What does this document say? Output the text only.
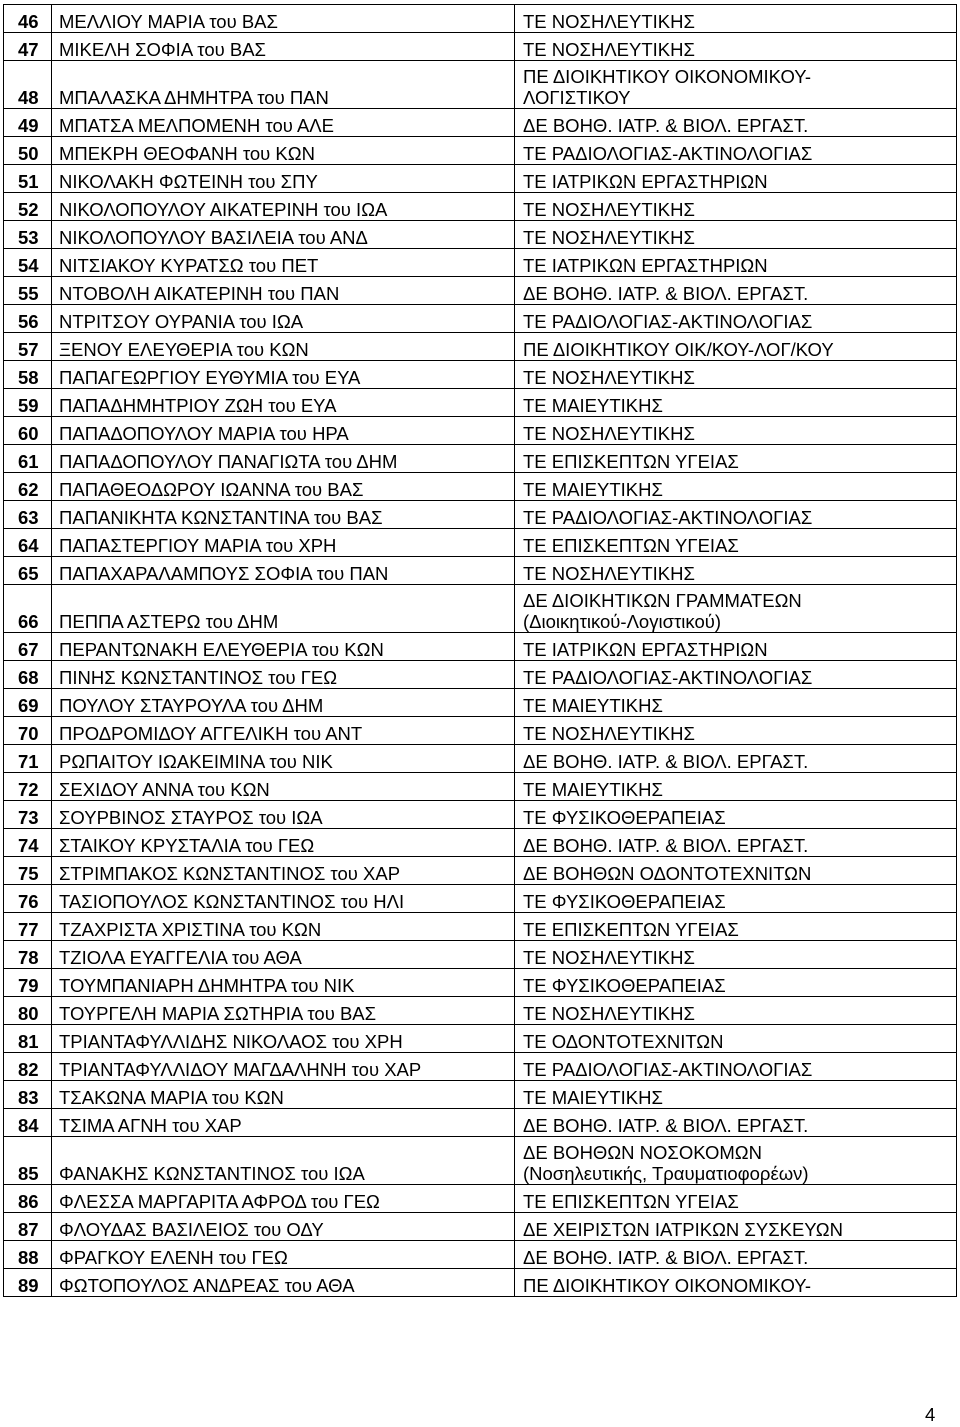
46	ΜΕΛΛΙΟΥ ΜΑΡΙΑ του ΒΑΣ	ΤΕ ΝΟΣΗΛΕΥΤΙΚΗΣ

47	ΜΙΚΕΛΗ ΣΟΦΙΑ του ΒΑΣ	ΤΕ ΝΟΣΗΛΕΥΤΙΚΗΣ

48	ΜΠΑΛΑΣΚΑ ΔΗΜΗΤΡΑ του ΠΑΝ	ΠΕ ΔΙΟΙΚΗΤΙΚΟΥ ΟΙΚΟΝΟΜΙΚΟΥ-
ΛΟΓΙΣΤΙΚΟΥ

49	ΜΠΑΤΣΑ ΜΕΛΠΟΜΕΝΗ του ΑΛΕ	ΔΕ ΒΟΗΘ. ΙΑΤΡ. & ΒΙΟΛ. ΕΡΓΑΣΤ.

50	ΜΠΕΚΡΗ ΘΕΟΦΑΝΗ του ΚΩΝ	ΤΕ ΡΑΔΙΟΛΟΓΙΑΣ-ΑΚΤΙΝΟΛΟΓΙΑΣ

51	ΝΙΚΟΛΑΚΗ ΦΩΤΕΙΝΗ του ΣΠΥ	ΤΕ ΙΑΤΡΙΚΩΝ ΕΡΓΑΣΤΗΡΙΩΝ

52	ΝΙΚΟΛΟΠΟΥΛΟΥ ΑΙΚΑΤΕΡΙΝΗ του ΙΩΑ	ΤΕ ΝΟΣΗΛΕΥΤΙΚΗΣ

53	ΝΙΚΟΛΟΠΟΥΛΟΥ ΒΑΣΙΛΕΙΑ του ΑΝΔ	ΤΕ ΝΟΣΗΛΕΥΤΙΚΗΣ

54	ΝΙΤΣΙΑΚΟΥ ΚΥΡΑΤΣΩ του ΠΕΤ	ΤΕ ΙΑΤΡΙΚΩΝ ΕΡΓΑΣΤΗΡΙΩΝ

55	ΝΤΟΒΟΛΗ ΑΙΚΑΤΕΡΙΝΗ του ΠΑΝ	ΔΕ ΒΟΗΘ. ΙΑΤΡ. & ΒΙΟΛ. ΕΡΓΑΣΤ.

56	ΝΤΡΙΤΣΟΥ ΟΥΡΑΝΙΑ του ΙΩΑ	ΤΕ ΡΑΔΙΟΛΟΓΙΑΣ-ΑΚΤΙΝΟΛΟΓΙΑΣ

57	ΞΕΝΟΥ ΕΛΕΥΘΕΡΙΑ του ΚΩΝ	ΠΕ ΔΙΟΙΚΗΤΙΚΟΥ ΟΙΚ/ΚΟΥ-ΛΟΓ/ΚΟΥ

58	ΠΑΠΑΓΕΩΡΓΙΟΥ ΕΥΘΥΜΙΑ του ΕΥΑ	ΤΕ ΝΟΣΗΛΕΥΤΙΚΗΣ

59	ΠΑΠΑΔΗΜΗΤΡΙΟΥ ΖΩΗ του ΕΥΑ	ΤΕ ΜΑΙΕΥΤΙΚΗΣ

60	ΠΑΠΑΔΟΠΟΥΛΟΥ ΜΑΡΙΑ του ΗΡΑ	ΤΕ ΝΟΣΗΛΕΥΤΙΚΗΣ

61	ΠΑΠΑΔΟΠΟΥΛΟΥ ΠΑΝΑΓΙΩΤΑ του ΔΗΜ	ΤΕ ΕΠΙΣΚΕΠΤΩΝ ΥΓΕΙΑΣ

62	ΠΑΠΑΘΕΟΔΩΡΟΥ ΙΩΑΝΝΑ του ΒΑΣ	ΤΕ ΜΑΙΕΥΤΙΚΗΣ

63	ΠΑΠΑΝΙΚΗΤΑ ΚΩΝΣΤΑΝΤΙΝΑ του ΒΑΣ	ΤΕ ΡΑΔΙΟΛΟΓΙΑΣ-ΑΚΤΙΝΟΛΟΓΙΑΣ

64	ΠΑΠΑΣΤΕΡΓΙΟΥ ΜΑΡΙΑ του ΧΡΗ	ΤΕ ΕΠΙΣΚΕΠΤΩΝ ΥΓΕΙΑΣ

65	ΠΑΠΑΧΑΡΑΛΑΜΠΟΥΣ ΣΟΦΙΑ του ΠΑΝ	ΤΕ ΝΟΣΗΛΕΥΤΙΚΗΣ

66	ΠΕΠΠΑ ΑΣΤΕΡΩ του ΔΗΜ	ΔΕ ΔΙΟΙΚΗΤΙΚΩΝ ΓΡΑΜΜΑΤΕΩΝ
(Διοικητικού-Λογιστικού)

67	ΠΕΡΑΝΤΩΝΑΚΗ ΕΛΕΥΘΕΡΙΑ του ΚΩΝ	ΤΕ ΙΑΤΡΙΚΩΝ ΕΡΓΑΣΤΗΡΙΩΝ

68	ΠΙΝΗΣ ΚΩΝΣΤΑΝΤΙΝΟΣ του ΓΕΩ	ΤΕ ΡΑΔΙΟΛΟΓΙΑΣ-ΑΚΤΙΝΟΛΟΓΙΑΣ

69	ΠΟΥΛΟΥ ΣΤΑΥΡΟΥΛΑ του ΔΗΜ	ΤΕ ΜΑΙΕΥΤΙΚΗΣ

70	ΠΡΟΔΡΟΜΙΔΟΥ ΑΓΓΕΛΙΚΗ του ΑΝΤ	ΤΕ ΝΟΣΗΛΕΥΤΙΚΗΣ

71	ΡΩΠΑΙΤΟΥ ΙΩΑΚΕΙΜΙΝΑ του ΝΙΚ	ΔΕ ΒΟΗΘ. ΙΑΤΡ. & ΒΙΟΛ. ΕΡΓΑΣΤ.

72	ΣΕΧΙΔΟΥ ΑΝΝΑ του ΚΩΝ	ΤΕ ΜΑΙΕΥΤΙΚΗΣ

73	ΣΟΥΡΒΙΝΟΣ ΣΤΑΥΡΟΣ του ΙΩΑ	ΤΕ ΦΥΣΙΚΟΘΕΡΑΠΕΙΑΣ

74	ΣΤΑΙΚΟΥ ΚΡΥΣΤΑΛΙΑ του ΓΕΩ	ΔΕ ΒΟΗΘ. ΙΑΤΡ. & ΒΙΟΛ. ΕΡΓΑΣΤ.

75	ΣΤΡΙΜΠΑΚΟΣ ΚΩΝΣΤΑΝΤΙΝΟΣ του ΧΑΡ	ΔΕ ΒΟΗΘΩΝ ΟΔΟΝΤΟΤΕΧΝΙΤΩΝ

76	ΤΑΣΙΟΠΟΥΛΟΣ ΚΩΝΣΤΑΝΤΙΝΟΣ του ΗΛΙ	ΤΕ ΦΥΣΙΚΟΘΕΡΑΠΕΙΑΣ

77	ΤΖΑΧΡΙΣΤΑ ΧΡΙΣΤΙΝΑ του ΚΩΝ	ΤΕ ΕΠΙΣΚΕΠΤΩΝ ΥΓΕΙΑΣ

78	ΤΖΙΟΛΑ ΕΥΑΓΓΕΛΙΑ του ΑΘΑ	ΤΕ ΝΟΣΗΛΕΥΤΙΚΗΣ

79	ΤΟΥΜΠΑΝΙΑΡΗ ΔΗΜΗΤΡΑ του ΝΙΚ	ΤΕ ΦΥΣΙΚΟΘΕΡΑΠΕΙΑΣ

80	ΤΟΥΡΓΕΛΗ ΜΑΡΙΑ ΣΩΤΗΡΙΑ του ΒΑΣ	ΤΕ ΝΟΣΗΛΕΥΤΙΚΗΣ

81	ΤΡΙΑΝΤΑΦΥΛΛΙΔΗΣ ΝΙΚΟΛΑΟΣ του ΧΡΗ	ΤΕ ΟΔΟΝΤΟΤΕΧΝΙΤΩΝ

82	ΤΡΙΑΝΤΑΦΥΛΛΙΔΟΥ ΜΑΓΔΑΛΗΝΗ του ΧΑΡ	ΤΕ ΡΑΔΙΟΛΟΓΙΑΣ-ΑΚΤΙΝΟΛΟΓΙΑΣ

83	ΤΣΑΚΩΝΑ ΜΑΡΙΑ του ΚΩΝ	ΤΕ ΜΑΙΕΥΤΙΚΗΣ

84	ΤΣΙΜΑ ΑΓΝΗ του ΧΑΡ	ΔΕ ΒΟΗΘ. ΙΑΤΡ. & ΒΙΟΛ. ΕΡΓΑΣΤ.

85	ΦΑΝΑΚΗΣ ΚΩΝΣΤΑΝΤΙΝΟΣ του ΙΩΑ	ΔΕ ΒΟΗΘΩΝ ΝΟΣΟΚΟΜΩΝ
(Νοσηλευτικής, Τραυματιοφορέων)

86	ΦΛΕΣΣΑ ΜΑΡΓΑΡΙΤΑ ΑΦΡΟΔ του ΓΕΩ	ΤΕ ΕΠΙΣΚΕΠΤΩΝ ΥΓΕΙΑΣ

87	ΦΛΟΥΔΑΣ ΒΑΣΙΛΕΙΟΣ του ΟΔΥ	ΔΕ ΧΕΙΡΙΣΤΩΝ ΙΑΤΡΙΚΩΝ ΣΥΣΚΕΥΩΝ

88	ΦΡΑΓΚΟΥ ΕΛΕΝΗ του ΓΕΩ	ΔΕ ΒΟΗΘ. ΙΑΤΡ. & ΒΙΟΛ. ΕΡΓΑΣΤ.

89	ΦΩΤΟΠΟΥΛΟΣ ΑΝΔΡΕΑΣ του ΑΘΑ	ΠΕ ΔΙΟΙΚΗΤΙΚΟΥ ΟΙΚΟΝΟΜΙΚΟΥ-
4
